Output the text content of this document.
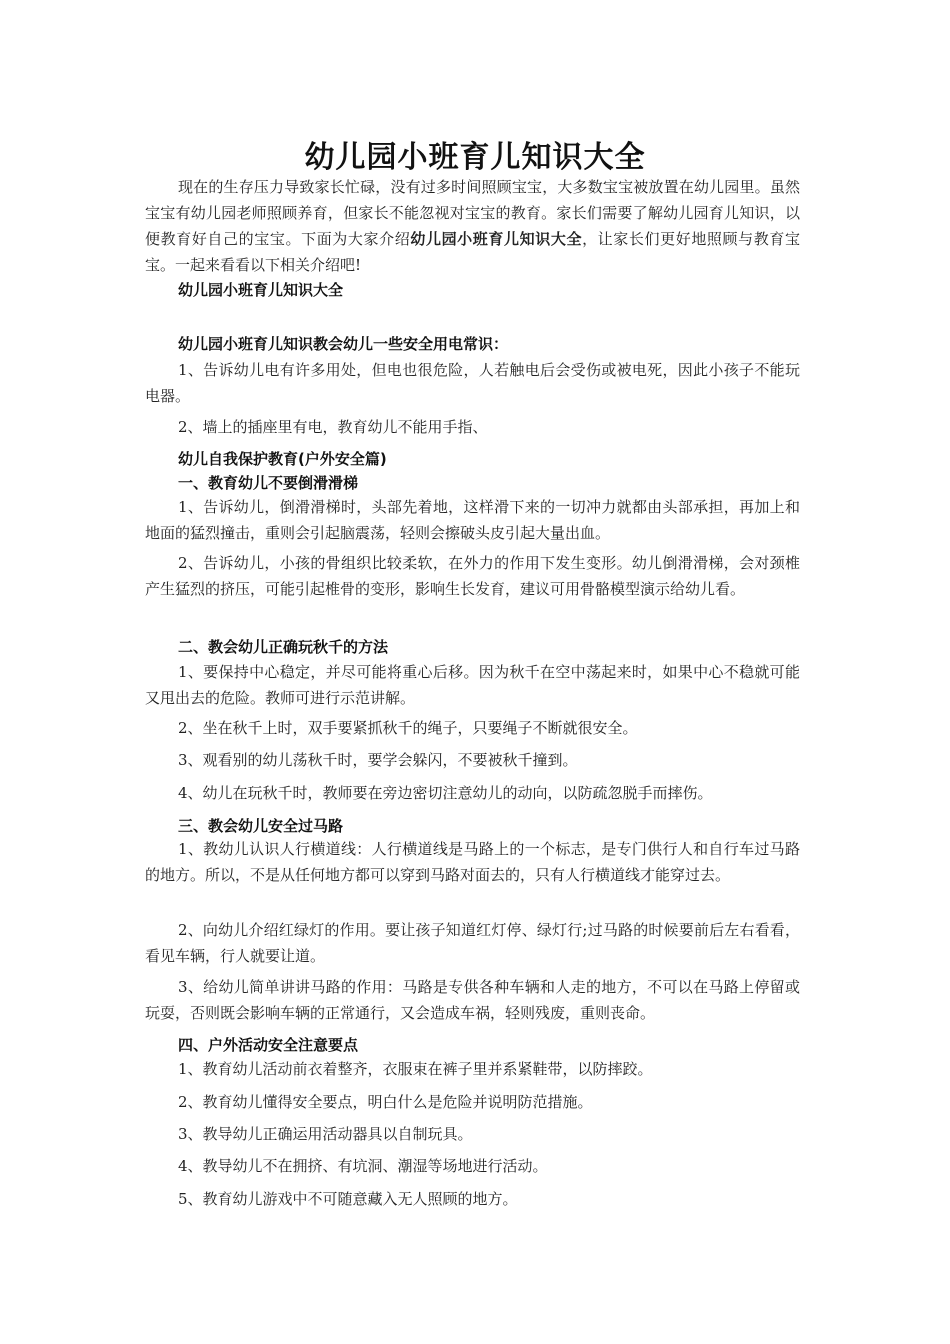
幼儿园小班育儿知识大全

现在的生存压力导致家长忙碌，没有过多时间照顾宝宝，大多数宝宝被放置在幼儿园里。虽然宝宝有幼儿园老师照顾养育，但家长不能忽视对宝宝的教育。家长们需要了解幼儿园育儿知识，以便教育好自己的宝宝。下面为大家介绍幼儿园小班育儿知识大全，让家长们更好地照顾与教育宝宝。一起来看看以下相关介绍吧!

幼儿园小班育儿知识大全

幼儿园小班育儿知识教会幼儿一些安全用电常识：

1、告诉幼儿电有许多用处，但电也很危险，人若触电后会受伤或被电死，因此小孩子不能玩电器。

2、墙上的插座里有电，教育幼儿不能用手指、

幼儿自我保护教育(户外安全篇)

一、教育幼儿不要倒滑滑梯

1、告诉幼儿，倒滑滑梯时，头部先着地，这样滑下来的一切冲力就都由头部承担，再加上和地面的猛烈撞击，重则会引起脑震荡，轻则会擦破头皮引起大量出血。

2、告诉幼儿，小孩的骨组织比较柔软，在外力的作用下发生变形。幼儿倒滑滑梯，会对颈椎产生猛烈的挤压，可能引起椎骨的变形，影响生长发育，建议可用骨骼模型演示给幼儿看。

二、教会幼儿正确玩秋千的方法

1、要保持中心稳定，并尽可能将重心后移。因为秋千在空中荡起来时，如果中心不稳就可能又甩出去的危险。教师可进行示范讲解。

2、坐在秋千上时，双手要紧抓秋千的绳子，只要绳子不断就很安全。

3、观看别的幼儿荡秋千时，要学会躲闪，不要被秋千撞到。

4、幼儿在玩秋千时，教师要在旁边密切注意幼儿的动向，以防疏忽脱手而摔伤。

三、教会幼儿安全过马路

1、教幼儿认识人行横道线：人行横道线是马路上的一个标志，是专门供行人和自行车过马路的地方。所以，不是从任何地方都可以穿到马路对面去的，只有人行横道线才能穿过去。

2、向幼儿介绍红绿灯的作用。要让孩子知道红灯停、绿灯行;过马路的时候要前后左右看看，看见车辆，行人就要让道。

3、给幼儿简单讲讲马路的作用：马路是专供各种车辆和人走的地方，不可以在马路上停留或玩耍，否则既会影响车辆的正常通行，又会造成车祸，轻则残废，重则丧命。

四、户外活动安全注意要点

1、教育幼儿活动前衣着整齐，衣服束在裤子里并系紧鞋带，以防摔跤。

2、教育幼儿懂得安全要点，明白什么是危险并说明防范措施。

3、教导幼儿正确运用活动器具以自制玩具。

4、教导幼儿不在拥挤、有坑洞、潮湿等场地进行活动。

5、教育幼儿游戏中不可随意藏入无人照顾的地方。
